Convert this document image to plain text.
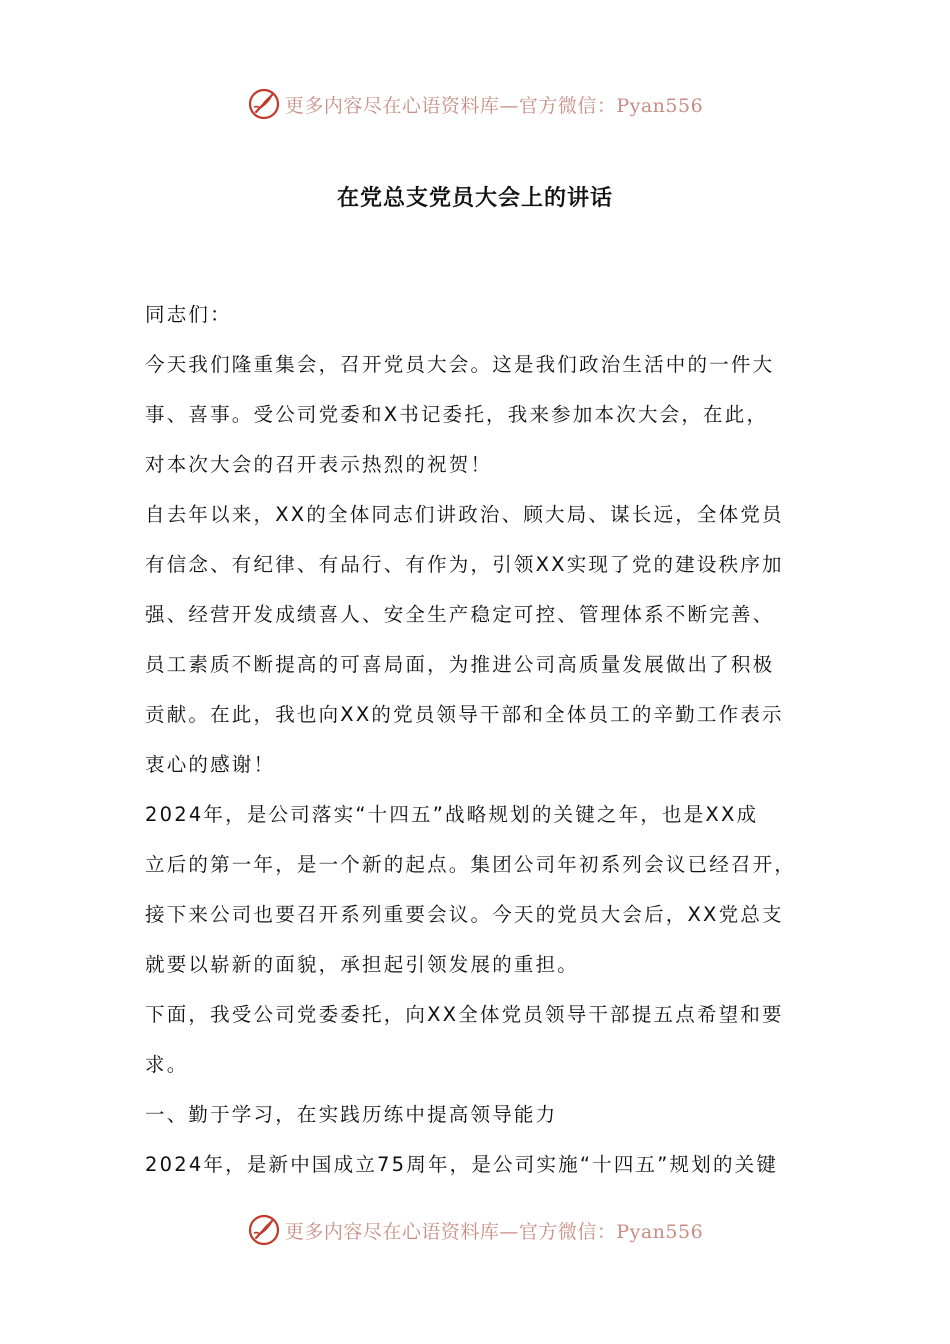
更多内容尽在心语资料库—官方微信：Pyan556
在党总支党员大会上的讲话
同志们：
今天我们隆重集会，召开党员大会。这是我们政治生活中的一件大
事、喜事。受公司党委和X书记委托，我来参加本次大会，在此，
对本次大会的召开表示热烈的祝贺！
自去年以来，XX的全体同志们讲政治、顾大局、谋长远，全体党员
有信念、有纪律、有品行、有作为，引领XX实现了党的建设秩序加
强、经营开发成绩喜人、安全生产稳定可控、管理体系不断完善、
员工素质不断提高的可喜局面，为推进公司高质量发展做出了积极
贡献。在此，我也向XX的党员领导干部和全体员工的辛勤工作表示
衷心的感谢！
2024年，是公司落实“十四五”战略规划的关键之年，也是XX成
立后的第一年，是一个新的起点。集团公司年初系列会议已经召开，
接下来公司也要召开系列重要会议。今天的党员大会后，XX党总支
就要以崭新的面貌，承担起引领发展的重担。
下面，我受公司党委委托，向XX全体党员领导干部提五点希望和要
求。
一、勤于学习，在实践历练中提高领导能力
2024年，是新中国成立75周年，是公司实施“十四五”规划的关键
更多内容尽在心语资料库—官方微信：Pyan556
